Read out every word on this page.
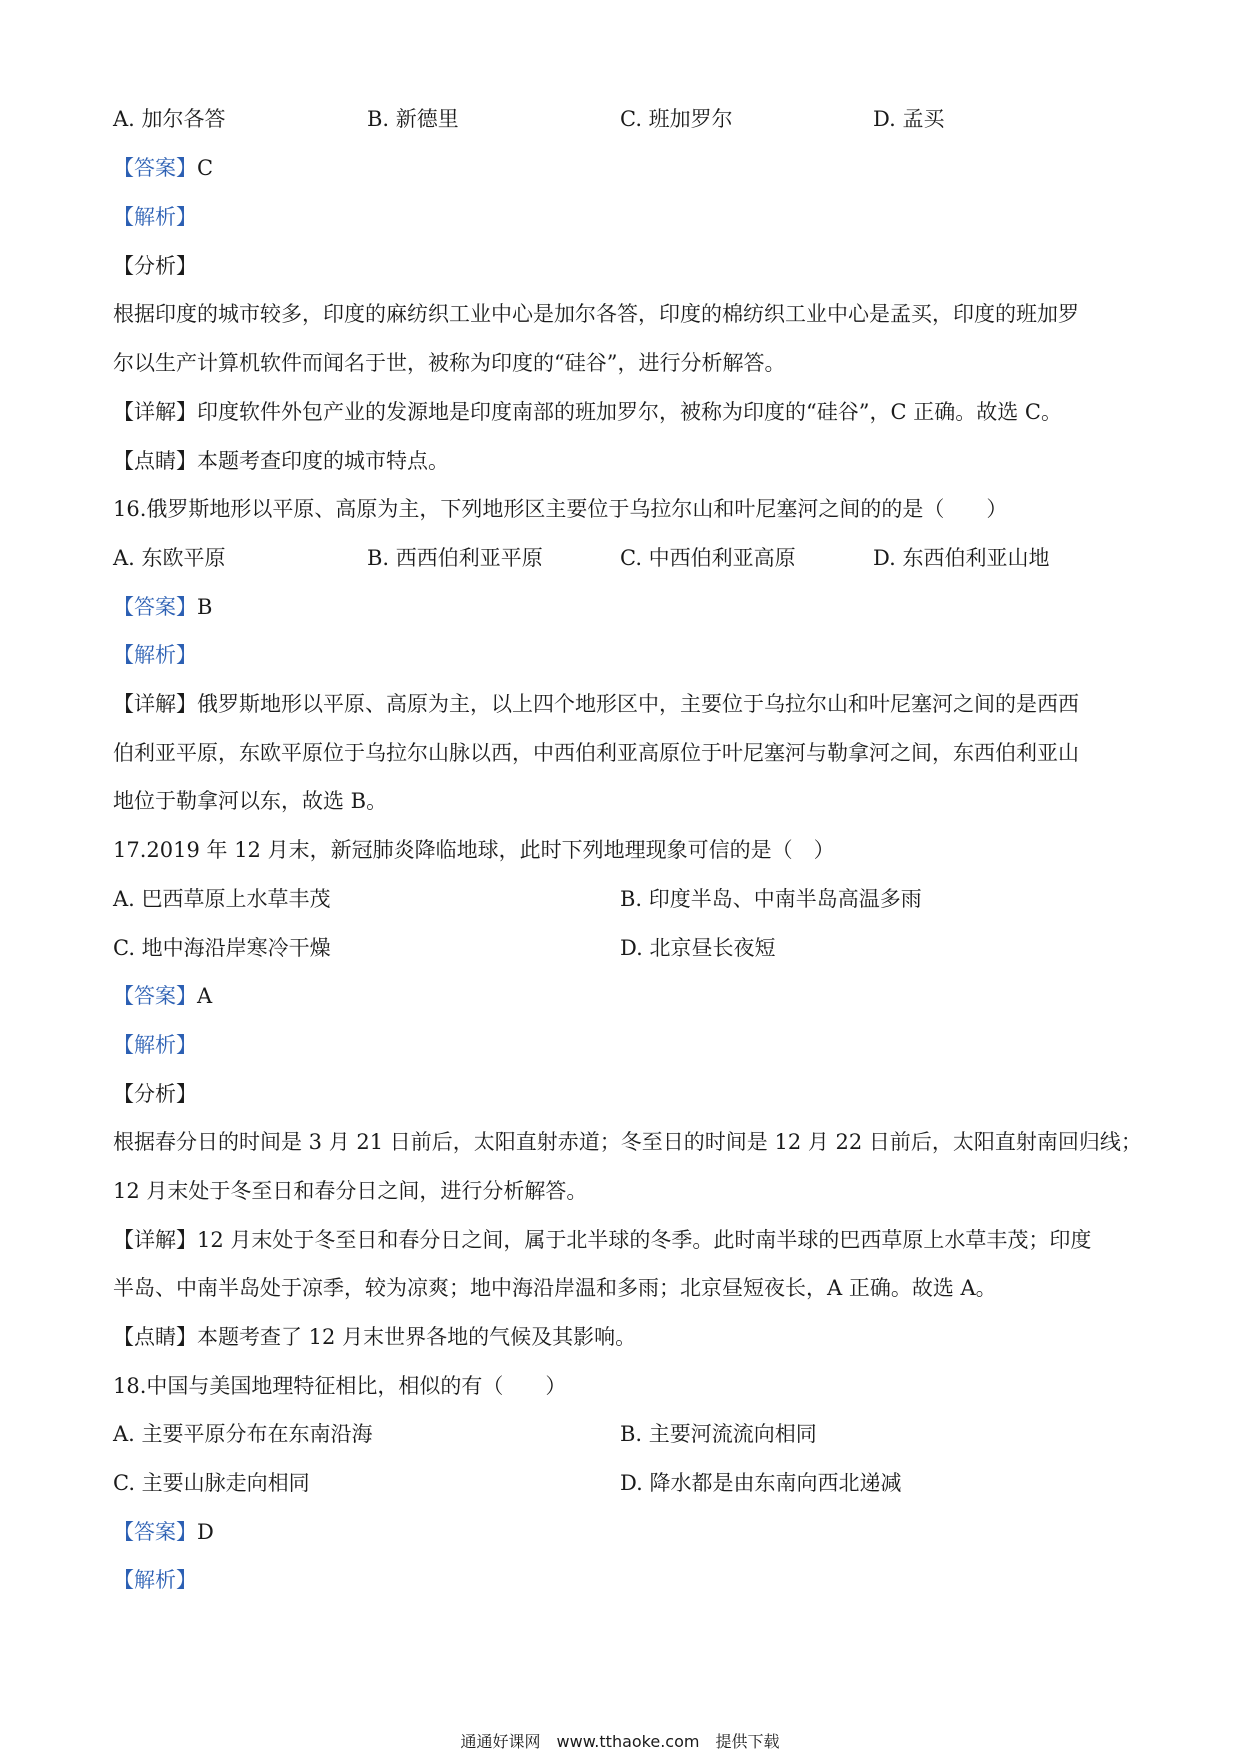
A. 加尔各答	B. 新德里	C. 班加罗尔	D. 孟买
【答案】C
【解析】
【分析】
根据印度的城市较多，印度的麻纺织工业中心是加尔各答，印度的棉纺织工业中心是孟买，印度的班加罗
尔以生产计算机软件而闻名于世，被称为印度的“硅谷”，进行分析解答。
【详解】印度软件外包产业的发源地是印度南部的班加罗尔，被称为印度的“硅谷”，C 正确。故选 C。
【点睛】本题考查印度的城市特点。
16.俄罗斯地形以平原、高原为主，下列地形区主要位于乌拉尔山和叶尼塞河之间的的是（　　）
A. 东欧平原	B. 西西伯利亚平原	C. 中西伯利亚高原	D. 东西伯利亚山地
【答案】B
【解析】
【详解】俄罗斯地形以平原、高原为主，以上四个地形区中，主要位于乌拉尔山和叶尼塞河之间的是西西
伯利亚平原，东欧平原位于乌拉尔山脉以西，中西伯利亚高原位于叶尼塞河与勒拿河之间，东西伯利亚山
地位于勒拿河以东，故选 B。
17.2019 年 12 月末，新冠肺炎降临地球，此时下列地理现象可信的是（　）
A. 巴西草原上水草丰茂	B. 印度半岛、中南半岛高温多雨
C. 地中海沿岸寒冷干燥	D. 北京昼长夜短
【答案】A
【解析】
【分析】
根据春分日的时间是 3 月 21 日前后，太阳直射赤道；冬至日的时间是 12 月 22 日前后，太阳直射南回归线；
12 月末处于冬至日和春分日之间，进行分析解答。
【详解】12 月末处于冬至日和春分日之间，属于北半球的冬季。此时南半球的巴西草原上水草丰茂；印度
半岛、中南半岛处于凉季，较为凉爽；地中海沿岸温和多雨；北京昼短夜长，A 正确。故选 A。
【点睛】本题考查了 12 月末世界各地的气候及其影响。
18.中国与美国地理特征相比，相似的有（　　）
A. 主要平原分布在东南沿海	B. 主要河流流向相同
C. 主要山脉走向相同	D. 降水都是由东南向西北递减
【答案】D
【解析】
通通好课网　www.tthaoke.com　提供下载
